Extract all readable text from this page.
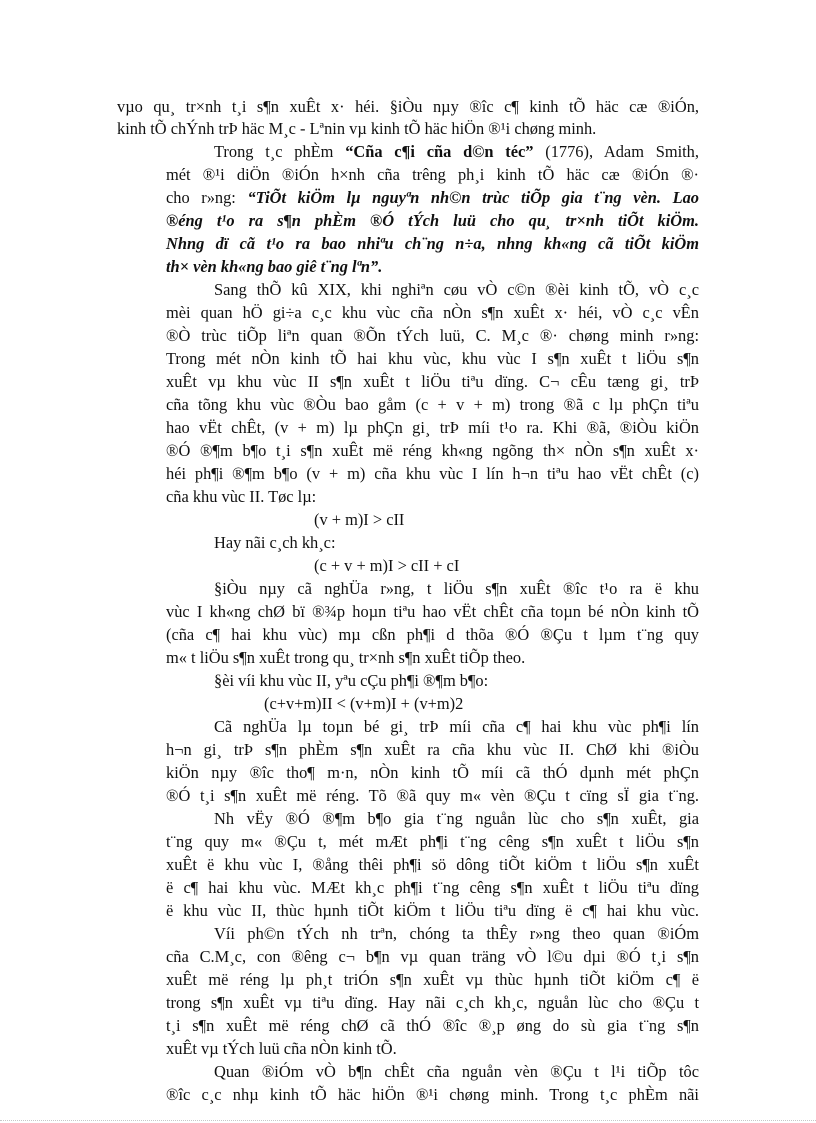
vµo qu¸ tr×nh t¸i s¶n xuÊt x· héi. §iÒu nµy ®îc c¶ kinh tÕ häc cæ ®iÓn,
kinh tÕ chÝnh trÞ häc M¸c - Lªnin vµ kinh tÕ häc hiÖn ®¹i chøng minh.
Trong t¸c phÈm “Cña c¶i cña d©n téc” (1776), Adam Smith,
mét ®¹i diÖn ®iÓn h×nh cña trêng ph¸i kinh tÕ häc cæ ®iÓn ®·
cho r»ng: “TiÕt kiÖm lµ nguyªn nh©n trùc tiÕp gia t¨ng vèn. Lao
®éng t¹o ra s¶n phÈm ®Ó tÝch luü cho qu¸ tr×nh tiÕt kiÖm.
Nhng dï cã t¹o ra bao nhiªu ch¨ng n÷a, nhng kh«ng cã tiÕt kiÖm
th× vèn kh«ng bao giê t¨ng lªn”.
Sang thÕ kû XIX, khi nghiªn cøu vÒ c©n ®èi kinh tÕ, vÒ c¸c
mèi quan hÖ gi÷a c¸c khu vùc cña nÒn s¶n xuÊt x· héi, vÒ c¸c vÊn
®Ò trùc tiÕp liªn quan ®Õn tÝch luü, C. M¸c ®· chøng minh r»ng:
Trong mét nÒn kinh tÕ hai khu vùc, khu vùc I s¶n xuÊt t liÖu s¶n
xuÊt vµ khu vùc II s¶n xuÊt t liÖu tiªu dïng. C¬ cÊu tæng gi¸ trÞ
cña tõng khu vùc ®Òu bao gåm (c + v + m) trong ®ã c lµ phÇn tiªu
hao vËt chÊt, (v + m) lµ phÇn gi¸ trÞ míi t¹o ra. Khi ®ã, ®iÒu kiÖn
®Ó ®¶m b¶o t¸i s¶n xuÊt më réng kh«ng ngõng th× nÒn s¶n xuÊt x·
héi ph¶i ®¶m b¶o (v + m) cña khu vùc I lín h¬n tiªu hao vËt chÊt (c)
cña khu vùc II. Tøc lµ:
(v + m)I > cII
Hay nãi c¸ch kh¸c:
(c + v + m)I > cII + cI
§iÒu nµy cã nghÜa r»ng, t liÖu s¶n xuÊt ®îc t¹o ra ë khu
vùc I kh«ng chØ bï ®¾p hoµn tiªu hao vËt chÊt cña toµn bé nÒn kinh tÕ
(cña c¶ hai khu vùc) mµ cßn ph¶i d thõa ®Ó ®Çu t lµm t¨ng quy
m« t liÖu s¶n xuÊt trong qu¸ tr×nh s¶n xuÊt tiÕp theo.
§èi víi khu vùc II, yªu cÇu ph¶i ®¶m b¶o:
(c+v+m)II < (v+m)I + (v+m)2
Cã nghÜa lµ toµn bé gi¸ trÞ míi cña c¶ hai khu vùc ph¶i lín
h¬n gi¸ trÞ s¶n phÈm s¶n xuÊt ra cña khu vùc II. ChØ khi ®iÒu
kiÖn nµy ®îc tho¶ m·n, nÒn kinh tÕ míi cã thÓ dµnh mét phÇn
®Ó t¸i s¶n xuÊt më réng. Tõ ®ã quy m« vèn ®Çu t cïng sÏ gia t¨ng.
Nh vËy ®Ó ®¶m b¶o gia t¨ng nguån lùc cho s¶n xuÊt, gia
t¨ng quy m« ®Çu t, mét mÆt ph¶i t¨ng cêng s¶n xuÊt t liÖu s¶n
xuÊt ë khu vùc I, ®ång thêi ph¶i sö dông tiÕt kiÖm t liÖu s¶n xuÊt
ë c¶ hai khu vùc. MÆt kh¸c ph¶i t¨ng cêng s¶n xuÊt t liÖu tiªu dïng
ë khu vùc II, thùc hµnh tiÕt kiÖm t liÖu tiªu dïng ë c¶ hai khu vùc.
Víi ph©n tÝch nh trªn, chóng ta thÊy r»ng theo quan ®iÓm
cña C.M¸c, con ®êng c¬ b¶n vµ quan träng vÒ l©u dµi ®Ó t¸i s¶n
xuÊt më réng lµ ph¸t triÓn s¶n xuÊt vµ thùc hµnh tiÕt kiÖm c¶ ë
trong s¶n xuÊt vµ tiªu dïng. Hay nãi c¸ch kh¸c, nguån lùc cho ®Çu t
t¸i s¶n xuÊt më réng chØ cã thÓ ®îc ®¸p øng do sù gia t¨ng s¶n
xuÊt vµ tÝch luü cña nÒn kinh tÕ.
Quan ®iÓm vÒ b¶n chÊt cña nguån vèn ®Çu t l¹i tiÕp tôc
®îc c¸c nhµ kinh tÕ häc hiÖn ®¹i chøng minh. Trong t¸c phÈm nãi
